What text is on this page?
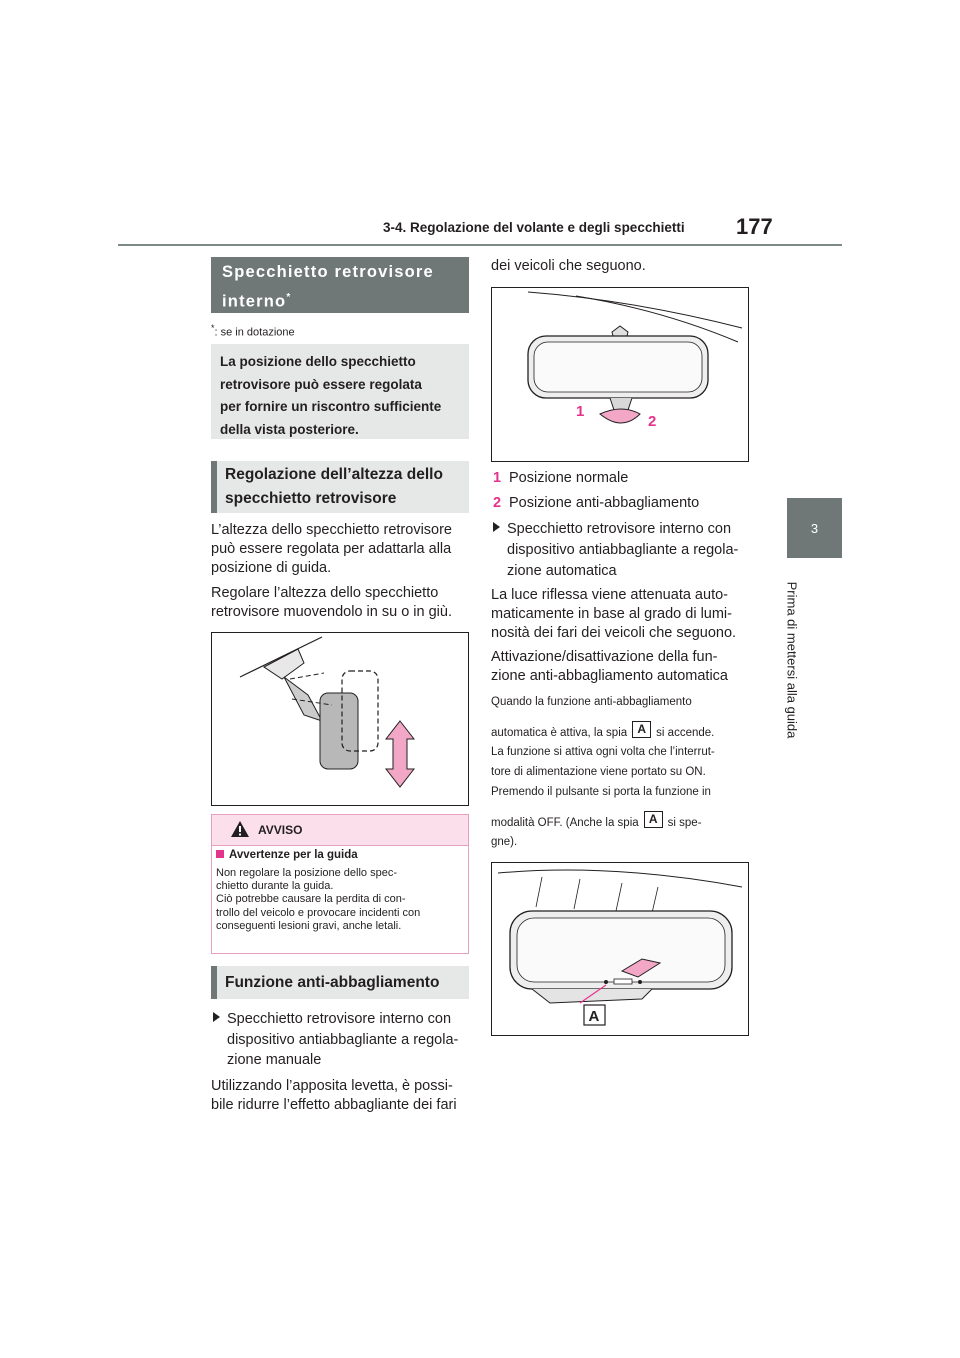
3-4. Regolazione del volante e degli specchietti 177
3
Prima di mettersi alla guida
Specchietto retrovisore
interno*
*: se in dotazione
La posizione dello specchietto
retrovisore può essere regolata
per fornire un riscontro sufficiente
della vista posteriore.
Regolazione dell’altezza dello
specchietto retrovisore
L’altezza dello specchietto retrovisore
può essere regolata per adattarla alla
posizione di guida.
Regolare l’altezza dello specchietto
retrovisore muovendolo in su o in giù.
AVVISO
Avvertenze per la guida
Non regolare la posizione dello spec-
chietto durante la guida.
Ciò potrebbe causare la perdita di con-
trollo del veicolo e provocare incidenti con
conseguenti lesioni gravi, anche letali.
Funzione anti-abbagliamento
Specchietto retrovisore interno con
dispositivo antiabbagliante a regola-
zione manuale
Utilizzando l’apposita levetta, è possi-
bile ridurre l’effetto abbagliante dei fari
dei veicoli che seguono.
1
2
1 Posizione normale
2 Posizione anti-abbagliamento
Specchietto retrovisore interno con
dispositivo antiabbagliante a regola-
zione automatica
La luce riflessa viene attenuata auto-
maticamente in base al grado di lumi-
nosità dei fari dei veicoli che seguono.
Attivazione/disattivazione della fun-
zione anti-abbagliamento automatica
Quando la funzione anti-abbagliamento
automatica è attiva, la spia A si accende.
La funzione si attiva ogni volta che l’interrut-
tore di alimentazione viene portato su ON.
Premendo il pulsante si porta la funzione in
modalità OFF. (Anche la spia A si spe-
gne).
A
